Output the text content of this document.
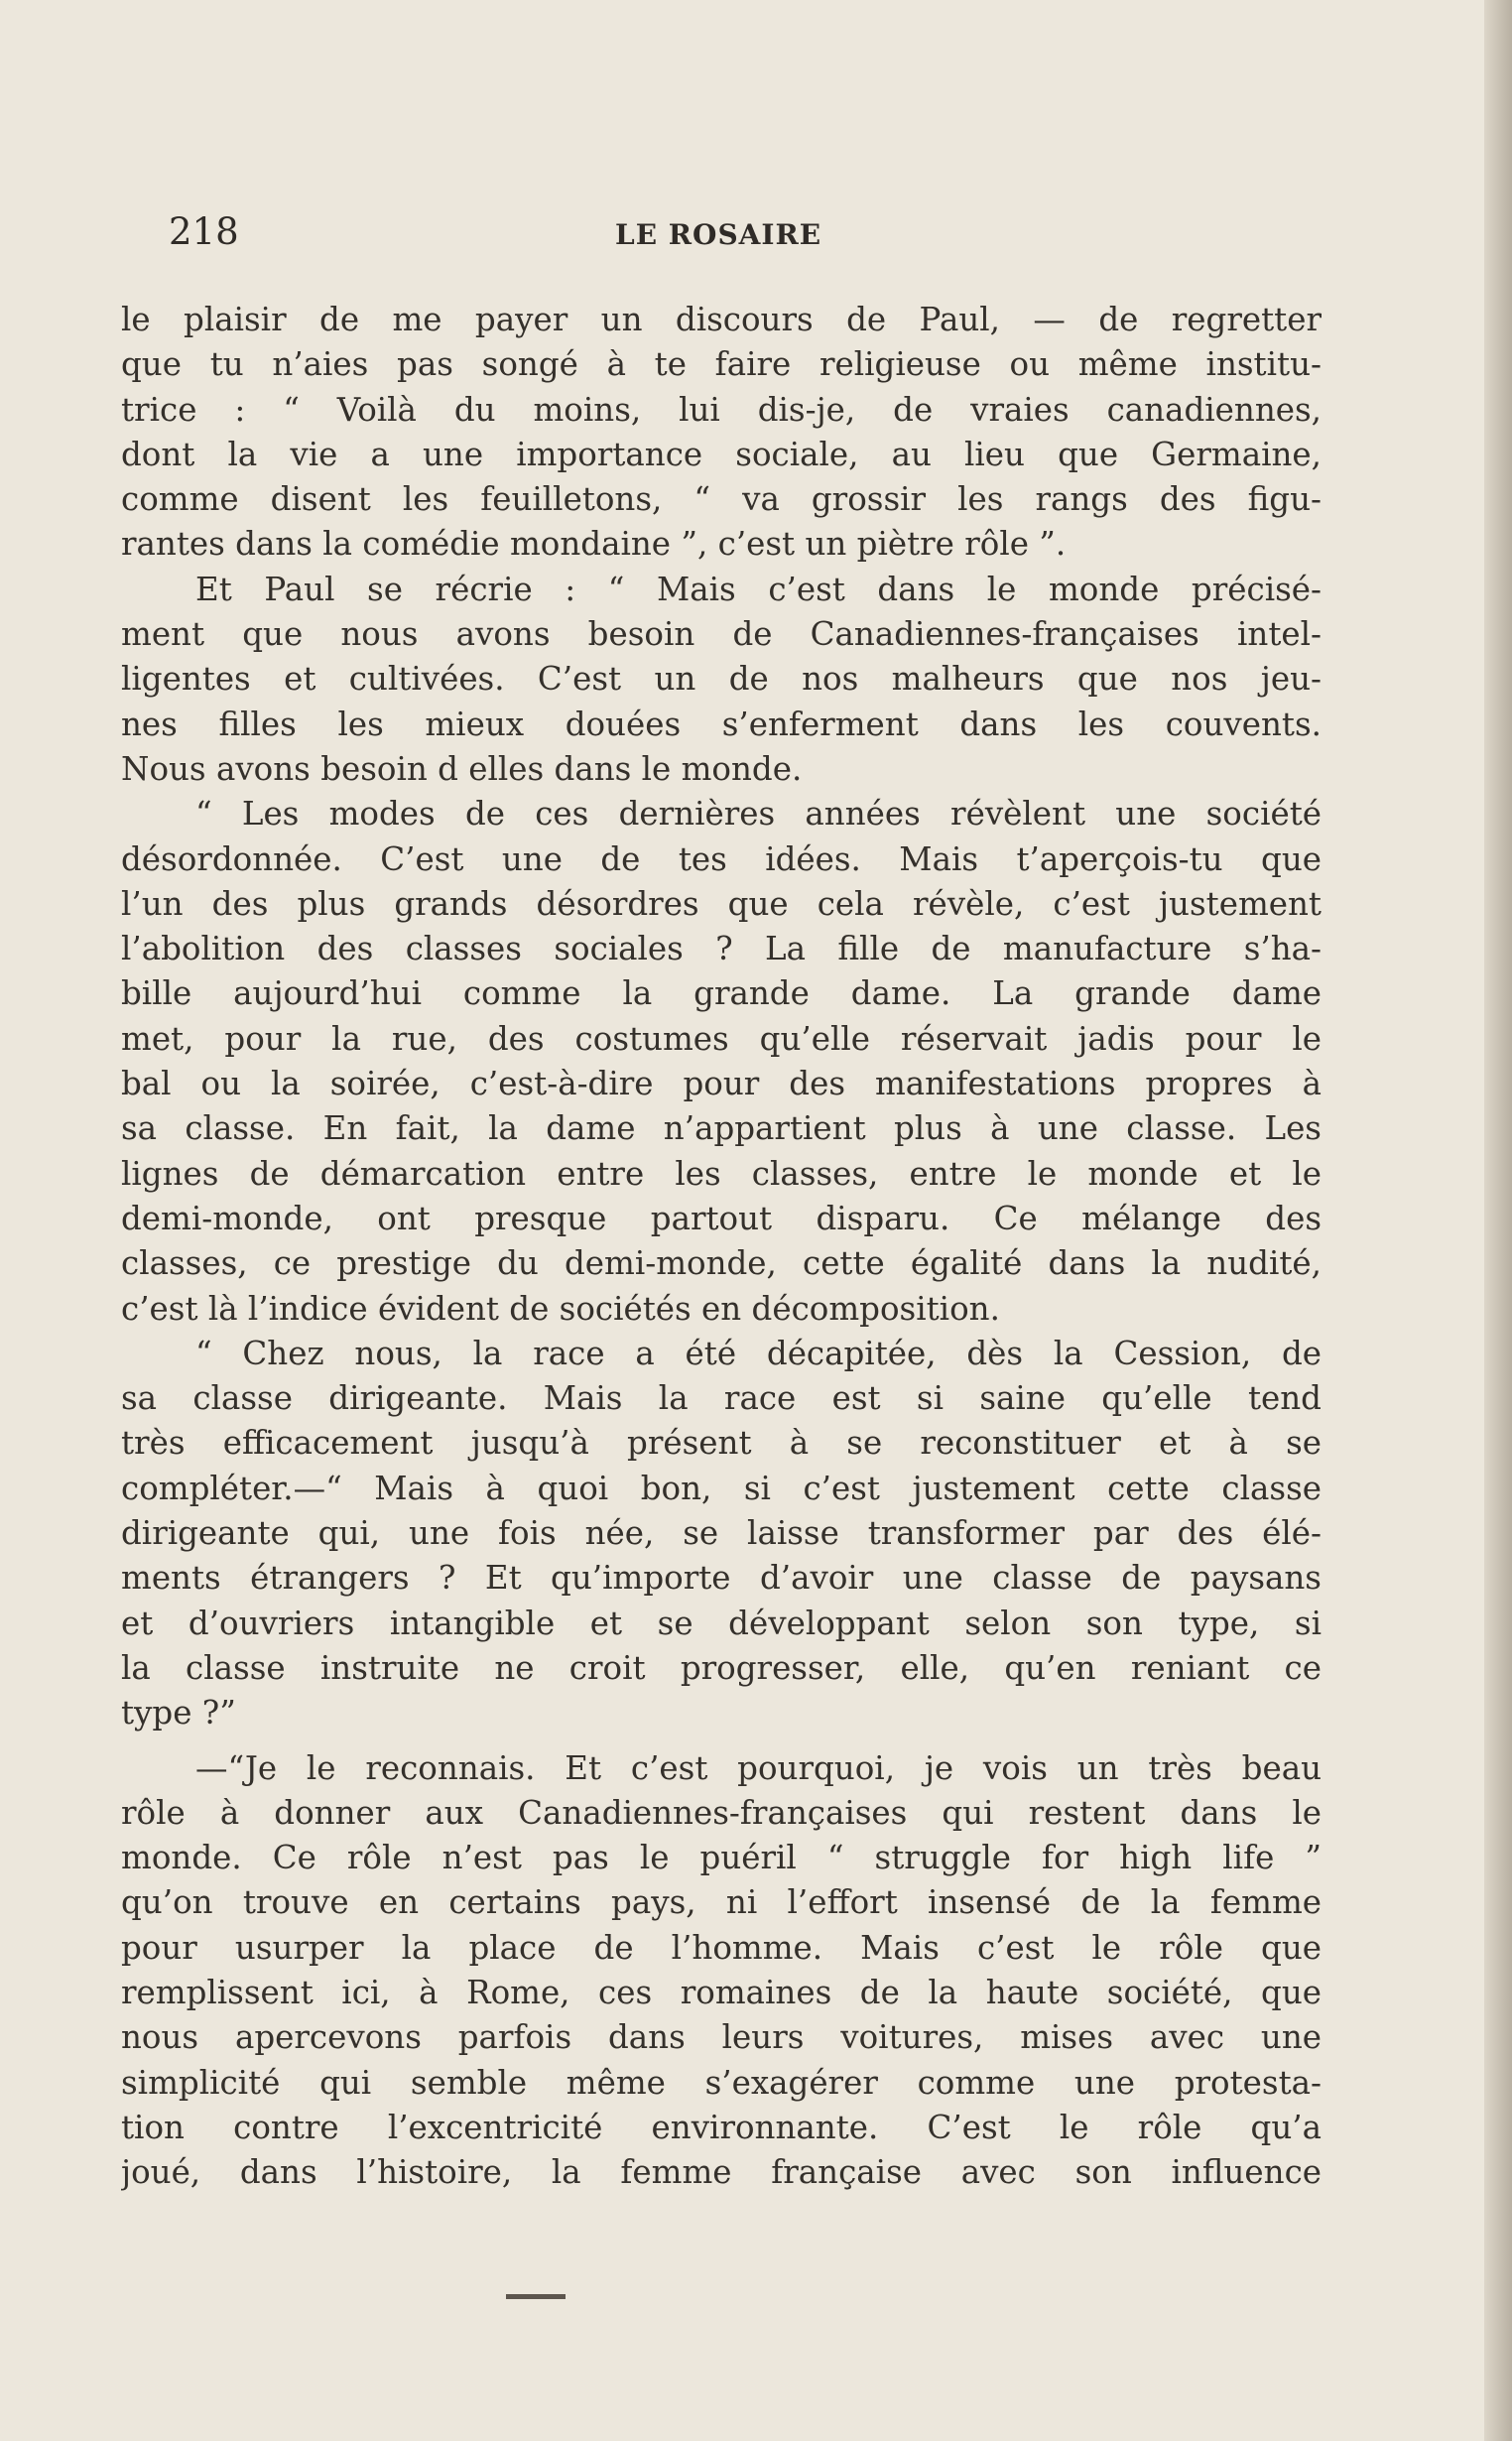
218	LE ROSAIRE
le plaisir de me payer un discours de Paul, — de regretter
que tu n’aies pas songé à te faire religieuse ou même institu-
trice : “ Voilà du moins, lui dis-je, de vraies canadiennes,
dont la vie a une importance sociale, au lieu que Germaine,
comme disent les feuilletons, “ va grossir les rangs des figu-
rantes dans la comédie mondaine ”, c’est un piètre rôle ”.
Et Paul se récrie : “ Mais c’est dans le monde précisé-
ment que nous avons besoin de Canadiennes-françaises intel-
ligentes et cultivées. C’est un de nos malheurs que nos jeu-
nes filles les mieux douées s’enferment dans les couvents.
Nous avons besoin d elles dans le monde.
“ Les modes de ces dernières années révèlent une société
désordonnée. C’est une de tes idées. Mais t’aperçois-tu que
l’un des plus grands désordres que cela révèle, c’est justement
l’abolition des classes sociales ? La fille de manufacture s’ha-
bille aujourd’hui comme la grande dame. La grande dame
met, pour la rue, des costumes qu’elle réservait jadis pour le
bal ou la soirée, c’est-à-dire pour des manifestations propres à
sa classe. En fait, la dame n’appartient plus à une classe. Les
lignes de démarcation entre les classes, entre le monde et le
demi-monde, ont presque partout disparu. Ce mélange des
classes, ce prestige du demi-monde, cette égalité dans la nudité,
c’est là l’indice évident de sociétés en décomposition.
“ Chez nous, la race a été décapitée, dès la Cession, de
sa classe dirigeante. Mais la race est si saine qu’elle tend
très efficacement jusqu’à présent à se reconstituer et à se
compléter.—“ Mais à quoi bon, si c’est justement cette classe
dirigeante qui, une fois née, se laisse transformer par des élé-
ments étrangers ? Et qu’importe d’avoir une classe de paysans
et d’ouvriers intangible et se développant selon son type, si
la classe instruite ne croit progresser, elle, qu’en reniant ce
type ?”
—“Je le reconnais. Et c’est pourquoi, je vois un très beau
rôle à donner aux Canadiennes-françaises qui restent dans le
monde. Ce rôle n’est pas le puéril “ struggle for high life ”
qu’on trouve en certains pays, ni l’effort insensé de la femme
pour usurper la place de l’homme. Mais c’est le rôle que
remplissent ici, à Rome, ces romaines de la haute société, que
nous apercevons parfois dans leurs voitures, mises avec une
simplicité qui semble même s’exagérer comme une protesta-
tion contre l’excentricité environnante. C’est le rôle qu’a
joué, dans l’histoire, la femme française avec son influence
